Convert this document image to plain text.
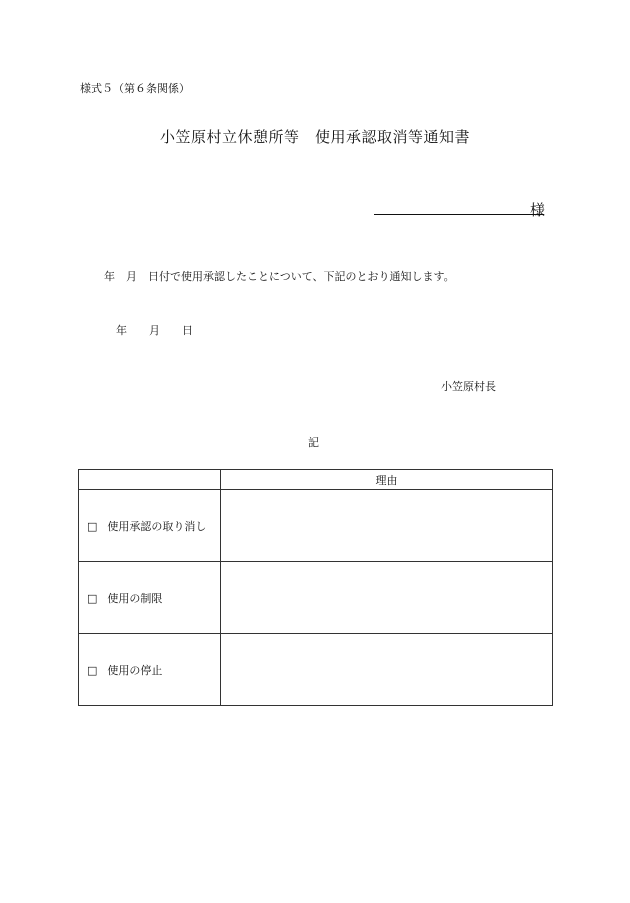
様式５（第６条関係）
小笠原村立休憩所等　使用承認取消等通知書
様
年　月　日付で使用承認したことについて、下記のとおり通知します。
年　　月　　日
小笠原村長
記
	理由
□ 使用承認の取り消し	
□ 使用の制限	
□ 使用の停止	
